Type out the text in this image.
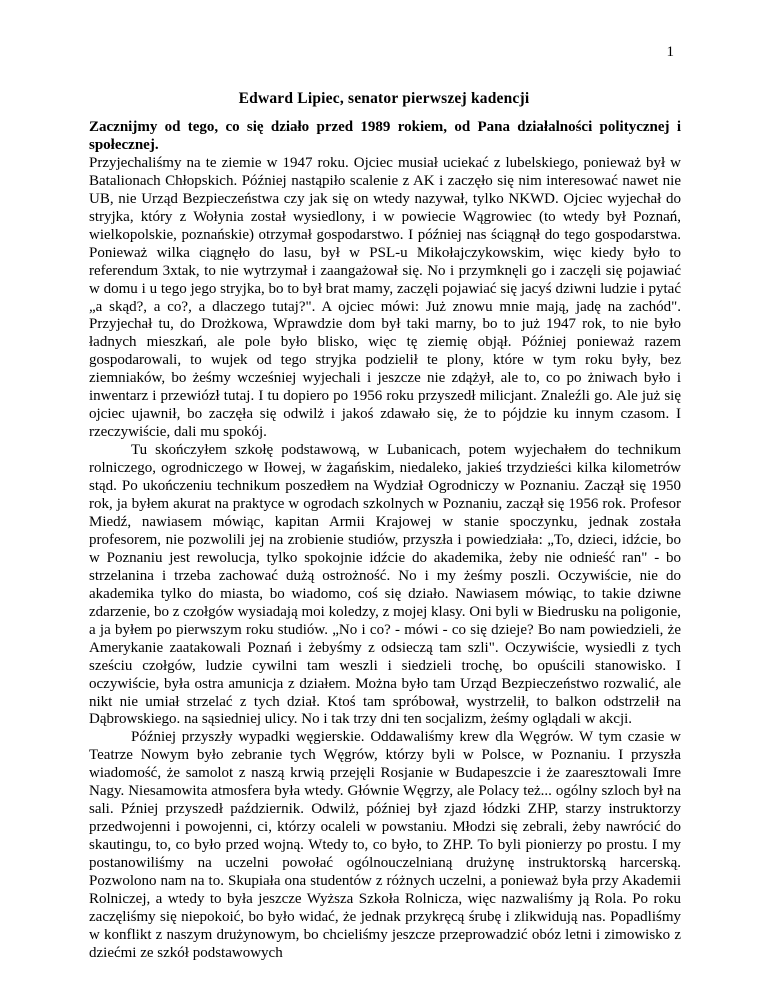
1
Edward Lipiec, senator pierwszej kadencji

Zacznijmy od tego, co się działo przed 1989 rokiem, od Pana działalności politycznej i społecznej.

Przyjechaliśmy na te ziemie w 1947 roku. Ojciec musiał uciekać z lubelskiego, ponieważ był w Batalionach Chłopskich. Później nastąpiło scalenie z AK i zaczęło się nim interesować nawet nie UB, nie Urząd Bezpieczeństwa czy jak się on wtedy nazywał, tylko NKWD. Ojciec wyjechał do stryjka, który z Wołynia został wysiedlony, i w powiecie Wągrowiec (to wtedy był Poznań, wielkopolskie, poznańskie) otrzymał gospodarstwo. I później nas ściągnął do tego gospodarstwa. Ponieważ wilka ciągnęło do lasu, był w PSL-u Mikołajczykowskim, więc kiedy było to referendum 3xtak, to nie wytrzymał i zaangażował się. No i przymknęli go i zaczęli się pojawiać w domu i u tego jego stryjka, bo to był brat mamy, zaczęli pojawiać się jacyś dziwni ludzie i pytać „a skąd?, a co?, a dlaczego tutaj?". A ojciec mówi: Już znowu mnie mają, jadę na zachód". Przyjechał tu, do Drożkowa, Wprawdzie dom był taki marny, bo to już 1947 rok, to nie było ładnych mieszkań, ale pole było blisko, więc tę ziemię objął. Później ponieważ razem gospodarowali, to wujek od tego stryjka podzielił te plony, które w tym roku były, bez ziemniaków, bo żeśmy wcześniej wyjechali i jeszcze nie zdążył, ale to, co po żniwach było i inwentarz i przewiózł tutaj. I tu dopiero po 1956 roku przyszedł milicjant. Znaleźli go. Ale już się ojciec ujawnił, bo zaczęła się odwilż i jakoś zdawało się, że to pójdzie ku innym czasom. I rzeczywiście, dali mu spokój.

Tu skończyłem szkołę podstawową, w Lubanicach, potem wyjechałem do technikum rolniczego, ogrodniczego w Iłowej, w żagańskim, niedaleko, jakieś trzydzieści kilka kilometrów stąd. Po ukończeniu technikum poszedłem na Wydział Ogrodniczy w Poznaniu. Zaczął się 1950 rok, ja byłem akurat na praktyce w ogrodach szkolnych w Poznaniu, zaczął się 1956 rok. Profesor Miedź, nawiasem mówiąc, kapitan Armii Krajowej w stanie spoczynku, jednak została profesorem, nie pozwolili jej na zrobienie studiów, przyszła i powiedziała: „To, dzieci, idźcie, bo w Poznaniu jest rewolucja, tylko spokojnie idźcie do akademika, żeby nie odnieść ran" - bo strzelanina i trzeba zachować dużą ostrożność. No i my żeśmy poszli. Oczywiście, nie do akademika tylko do miasta, bo wiadomo, coś się działo. Nawiasem mówiąc, to takie dziwne zdarzenie, bo z czołgów wysiadają moi koledzy, z mojej klasy. Oni byli w Biedrusku na poligonie, a ja byłem po pierwszym roku studiów. „No i co? - mówi - co się dzieje? Bo nam powiedzieli, że Amerykanie zaatakowali Poznań i żebyśmy z odsieczą tam szli". Oczywiście, wysiedli z tych sześciu czołgów, ludzie cywilni tam weszli i siedzieli trochę, bo opuścili stanowisko. I oczywiście, była ostra amunicja z działem. Można było tam Urząd Bezpieczeństwo rozwalić, ale nikt nie umiał strzelać z tych dział. Ktoś tam spróbował, wystrzelił, to balkon odstrzelił na Dąbrowskiego. na sąsiedniej ulicy. No i tak trzy dni ten socjalizm, żeśmy oglądali w akcji.

Później przyszły wypadki węgierskie. Oddawaliśmy krew dla Węgrów. W tym czasie w Teatrze Nowym było zebranie tych Węgrów, którzy byli w Polsce, w Poznaniu. I przyszła wiadomość, że samolot z naszą krwią przejęli Rosjanie w Budapeszcie i że zaaresztowali Imre Nagy. Niesamowita atmosfera była wtedy. Głównie Węgrzy, ale Polacy też... ogólny szloch był na sali. Pźniej przyszedł październik. Odwilż, później był zjazd łódzki ZHP, starzy instruktorzy przedwojenni i powojenni, ci, którzy ocaleli w powstaniu. Młodzi się zebrali, żeby nawrócić do skautingu, to, co było przed wojną. Wtedy to, co było, to ZHP. To byli pionierzy po prostu. I my postanowiliśmy na uczelni powołać ogólnouczelnianą drużynę instruktorską harcerską. Pozwolono nam na to. Skupiała ona studentów z różnych uczelni, a ponieważ była przy Akademii Rolniczej, a wtedy to była jeszcze Wyższa Szkoła Rolnicza, więc nazwaliśmy ją Rola. Po roku zaczęliśmy się niepokoić, bo było widać, że jednak przykręcą śrubę i zlikwidują nas. Popadliśmy w konflikt z naszym drużynowym, bo chcieliśmy jeszcze przeprowadzić obóz letni i zimowisko z dziećmi ze szkół podstawowych
